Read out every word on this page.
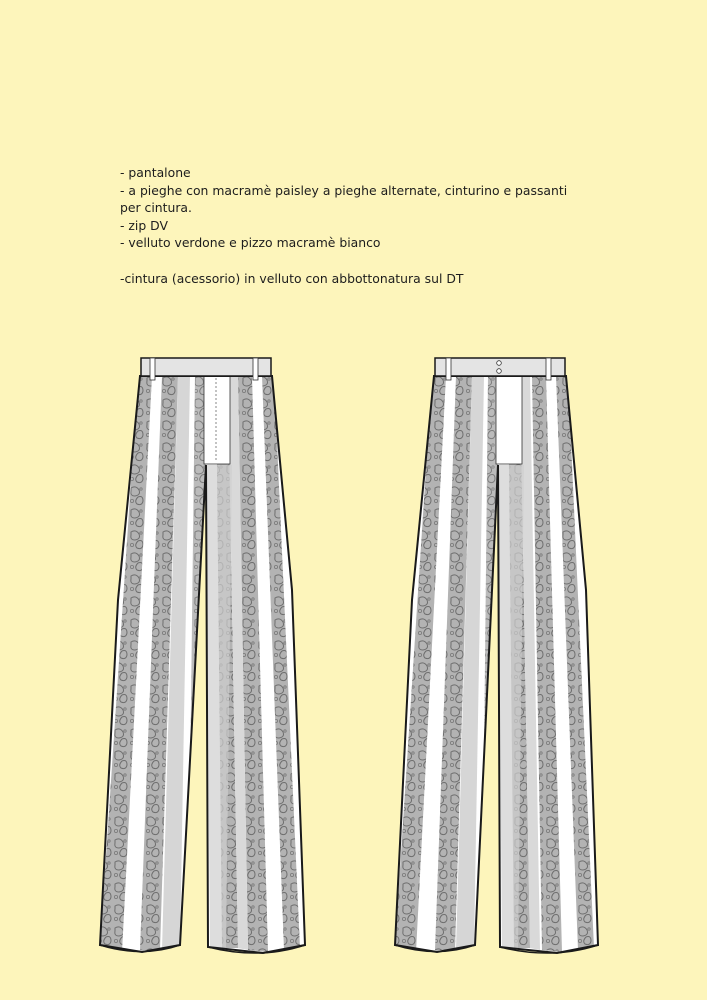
- pantalone
- a pieghe con macramè paisley a pieghe alternate, cinturino e passanti per cintura.
- zip DV
- velluto verdone e pizzo macramè bianco
-cintura (acessorio) in velluto con abbottonatura sul DT
